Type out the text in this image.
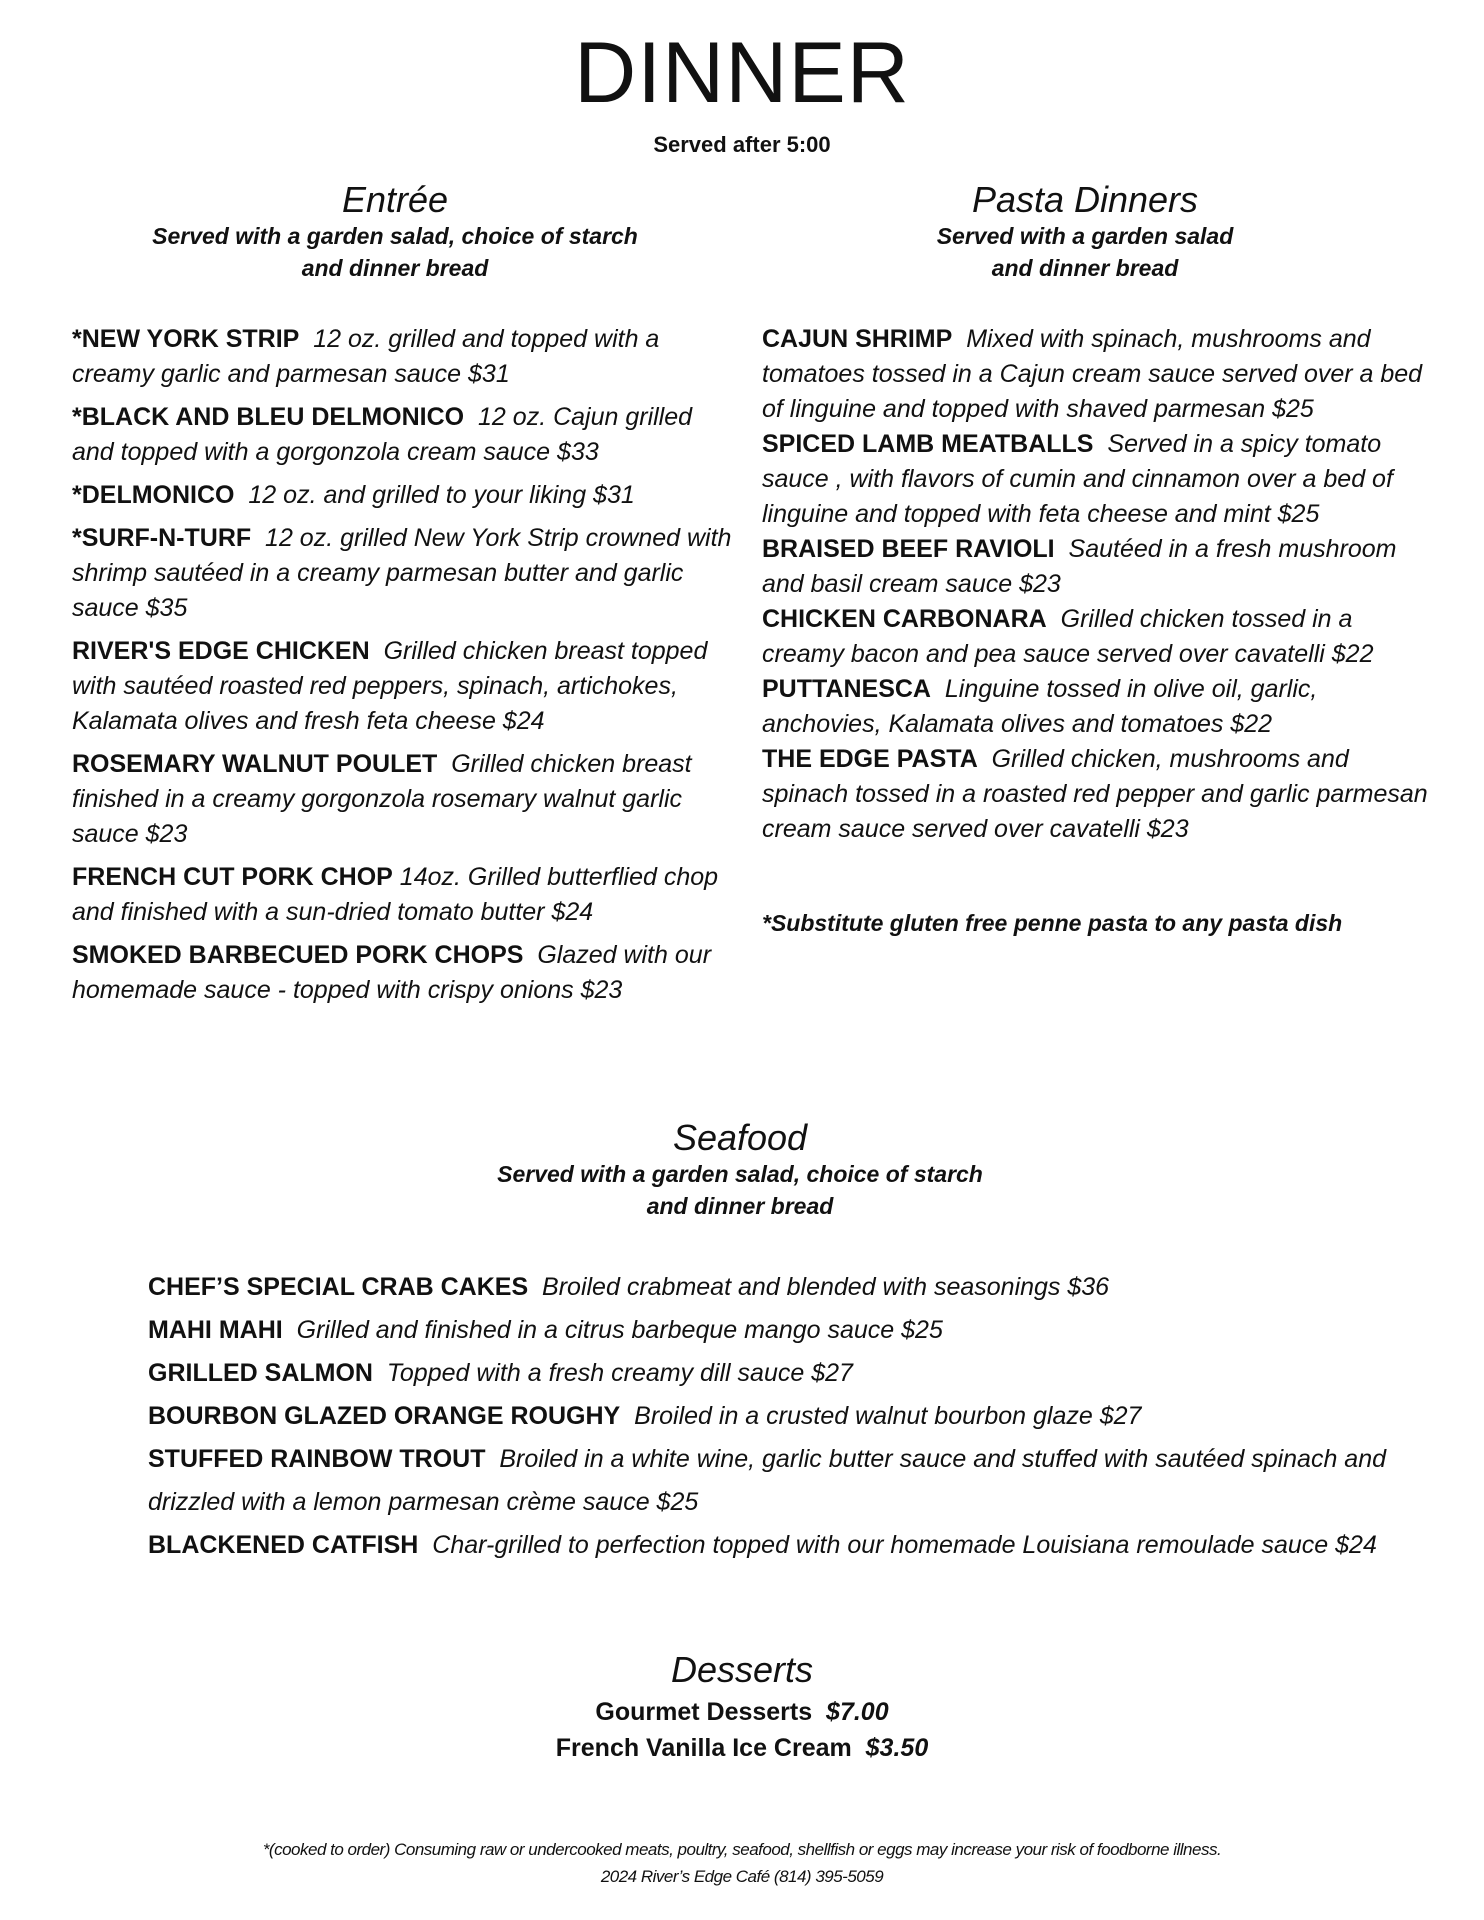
DINNER
Served after 5:00
Entrée
Served with a garden salad, choice of starch
and dinner bread
*NEW YORK STRIP 12 oz. grilled and topped with a creamy garlic and parmesan sauce $31
*BLACK AND BLEU DELMONICO 12 oz. Cajun grilled and topped with a gorgonzola cream sauce $33
*DELMONICO 12 oz. and grilled to your liking $31
*SURF-N-TURF 12 oz. grilled New York Strip crowned with shrimp sautéed in a creamy parmesan butter and garlic sauce $35
RIVER'S EDGE CHICKEN Grilled chicken breast topped with sautéed roasted red peppers, spinach, artichokes, Kalamata olives and fresh feta cheese $24
ROSEMARY WALNUT POULET Grilled chicken breast finished in a creamy gorgonzola rosemary walnut garlic sauce $23
FRENCH CUT PORK CHOP 14oz. Grilled butterflied chop and finished with a sun-dried tomato butter $24
SMOKED BARBECUED PORK CHOPS Glazed with our homemade sauce - topped with crispy onions $23
Pasta Dinners
Served with a garden salad
and dinner bread
CAJUN SHRIMP Mixed with spinach, mushrooms and tomatoes tossed in a Cajun cream sauce served over a bed of linguine and topped with shaved parmesan $25
SPICED LAMB MEATBALLS Served in a spicy tomato sauce , with flavors of cumin and cinnamon over a bed of linguine and topped with feta cheese and mint $25
BRAISED BEEF RAVIOLI Sautéed in a fresh mushroom and basil cream sauce $23
CHICKEN CARBONARA Grilled chicken tossed in a creamy bacon and pea sauce served over cavatelli $22
PUTTANESCA Linguine tossed in olive oil, garlic, anchovies, Kalamata olives and tomatoes $22
THE EDGE PASTA Grilled chicken, mushrooms and spinach tossed in a roasted red pepper and garlic parmesan cream sauce served over cavatelli $23
*Substitute gluten free penne pasta to any pasta dish
Seafood
Served with a garden salad, choice of starch
and dinner bread
CHEF’S SPECIAL CRAB CAKES Broiled crabmeat and blended with seasonings $36
MAHI MAHI Grilled and finished in a citrus barbeque mango sauce $25
GRILLED SALMON Topped with a fresh creamy dill sauce $27
BOURBON GLAZED ORANGE ROUGHY Broiled in a crusted walnut bourbon glaze $27
STUFFED RAINBOW TROUT Broiled in a white wine, garlic butter sauce and stuffed with sautéed spinach and drizzled with a lemon parmesan crème sauce $25
BLACKENED CATFISH Char-grilled to perfection topped with our homemade Louisiana remoulade sauce $24
Desserts
Gourmet Desserts $7.00
French Vanilla Ice Cream $3.50
*(cooked to order) Consuming raw or undercooked meats, poultry, seafood, shellfish or eggs may increase your risk of foodborne illness.
2024 River’s Edge Café (814) 395-5059
